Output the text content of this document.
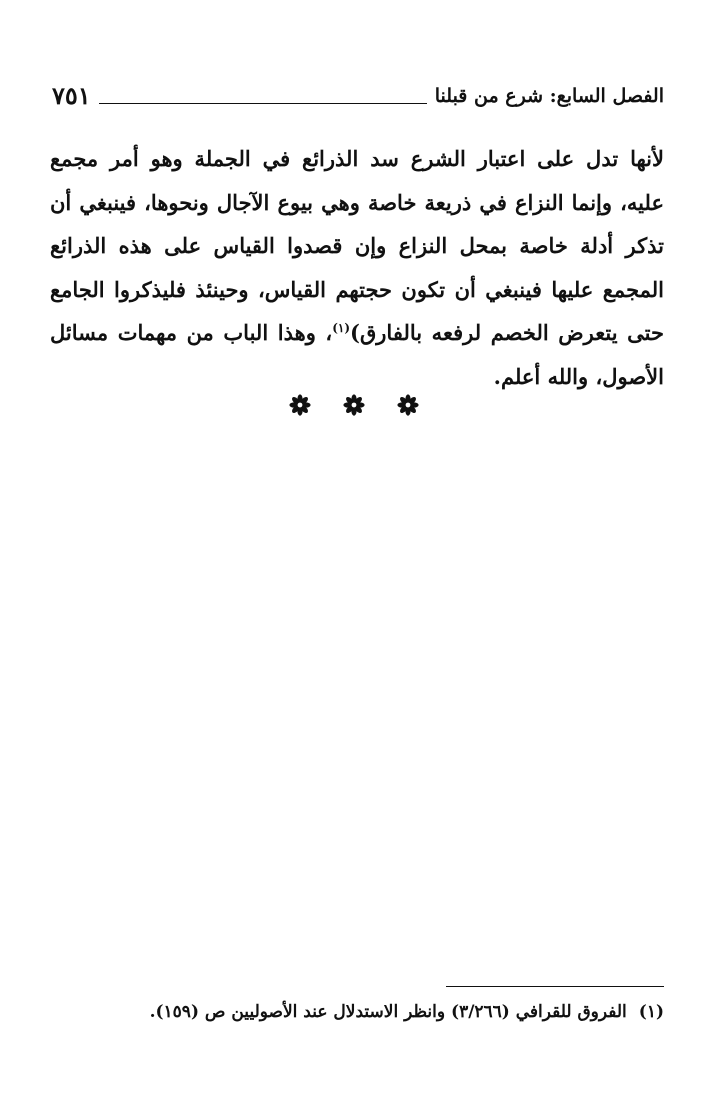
الفصل السابع: شرع من قبلنا
٧٥١
لأنها تدل على اعتبار الشرع سد الذرائع في الجملة وهو أمر مجمع عليه، وإنما النزاع في ذريعة خاصة وهي بيوع الآجال ونحوها، فينبغي أن تذكر أدلة خاصة بمحل النزاع وإن قصدوا القياس على هذه الذرائع المجمع عليها فينبغي أن تكون حجتهم القياس، وحينئذ فليذكروا الجامع حتى يتعرض الخصم لرفعه بالفارق)$^{(١)}$، وهذا الباب من مهمات مسائل الأصول، والله أعلم.
(١)الفروق للقرافي (٣/٢٦٦) وانظر الاستدلال عند الأصوليين ص (١٥٩).
